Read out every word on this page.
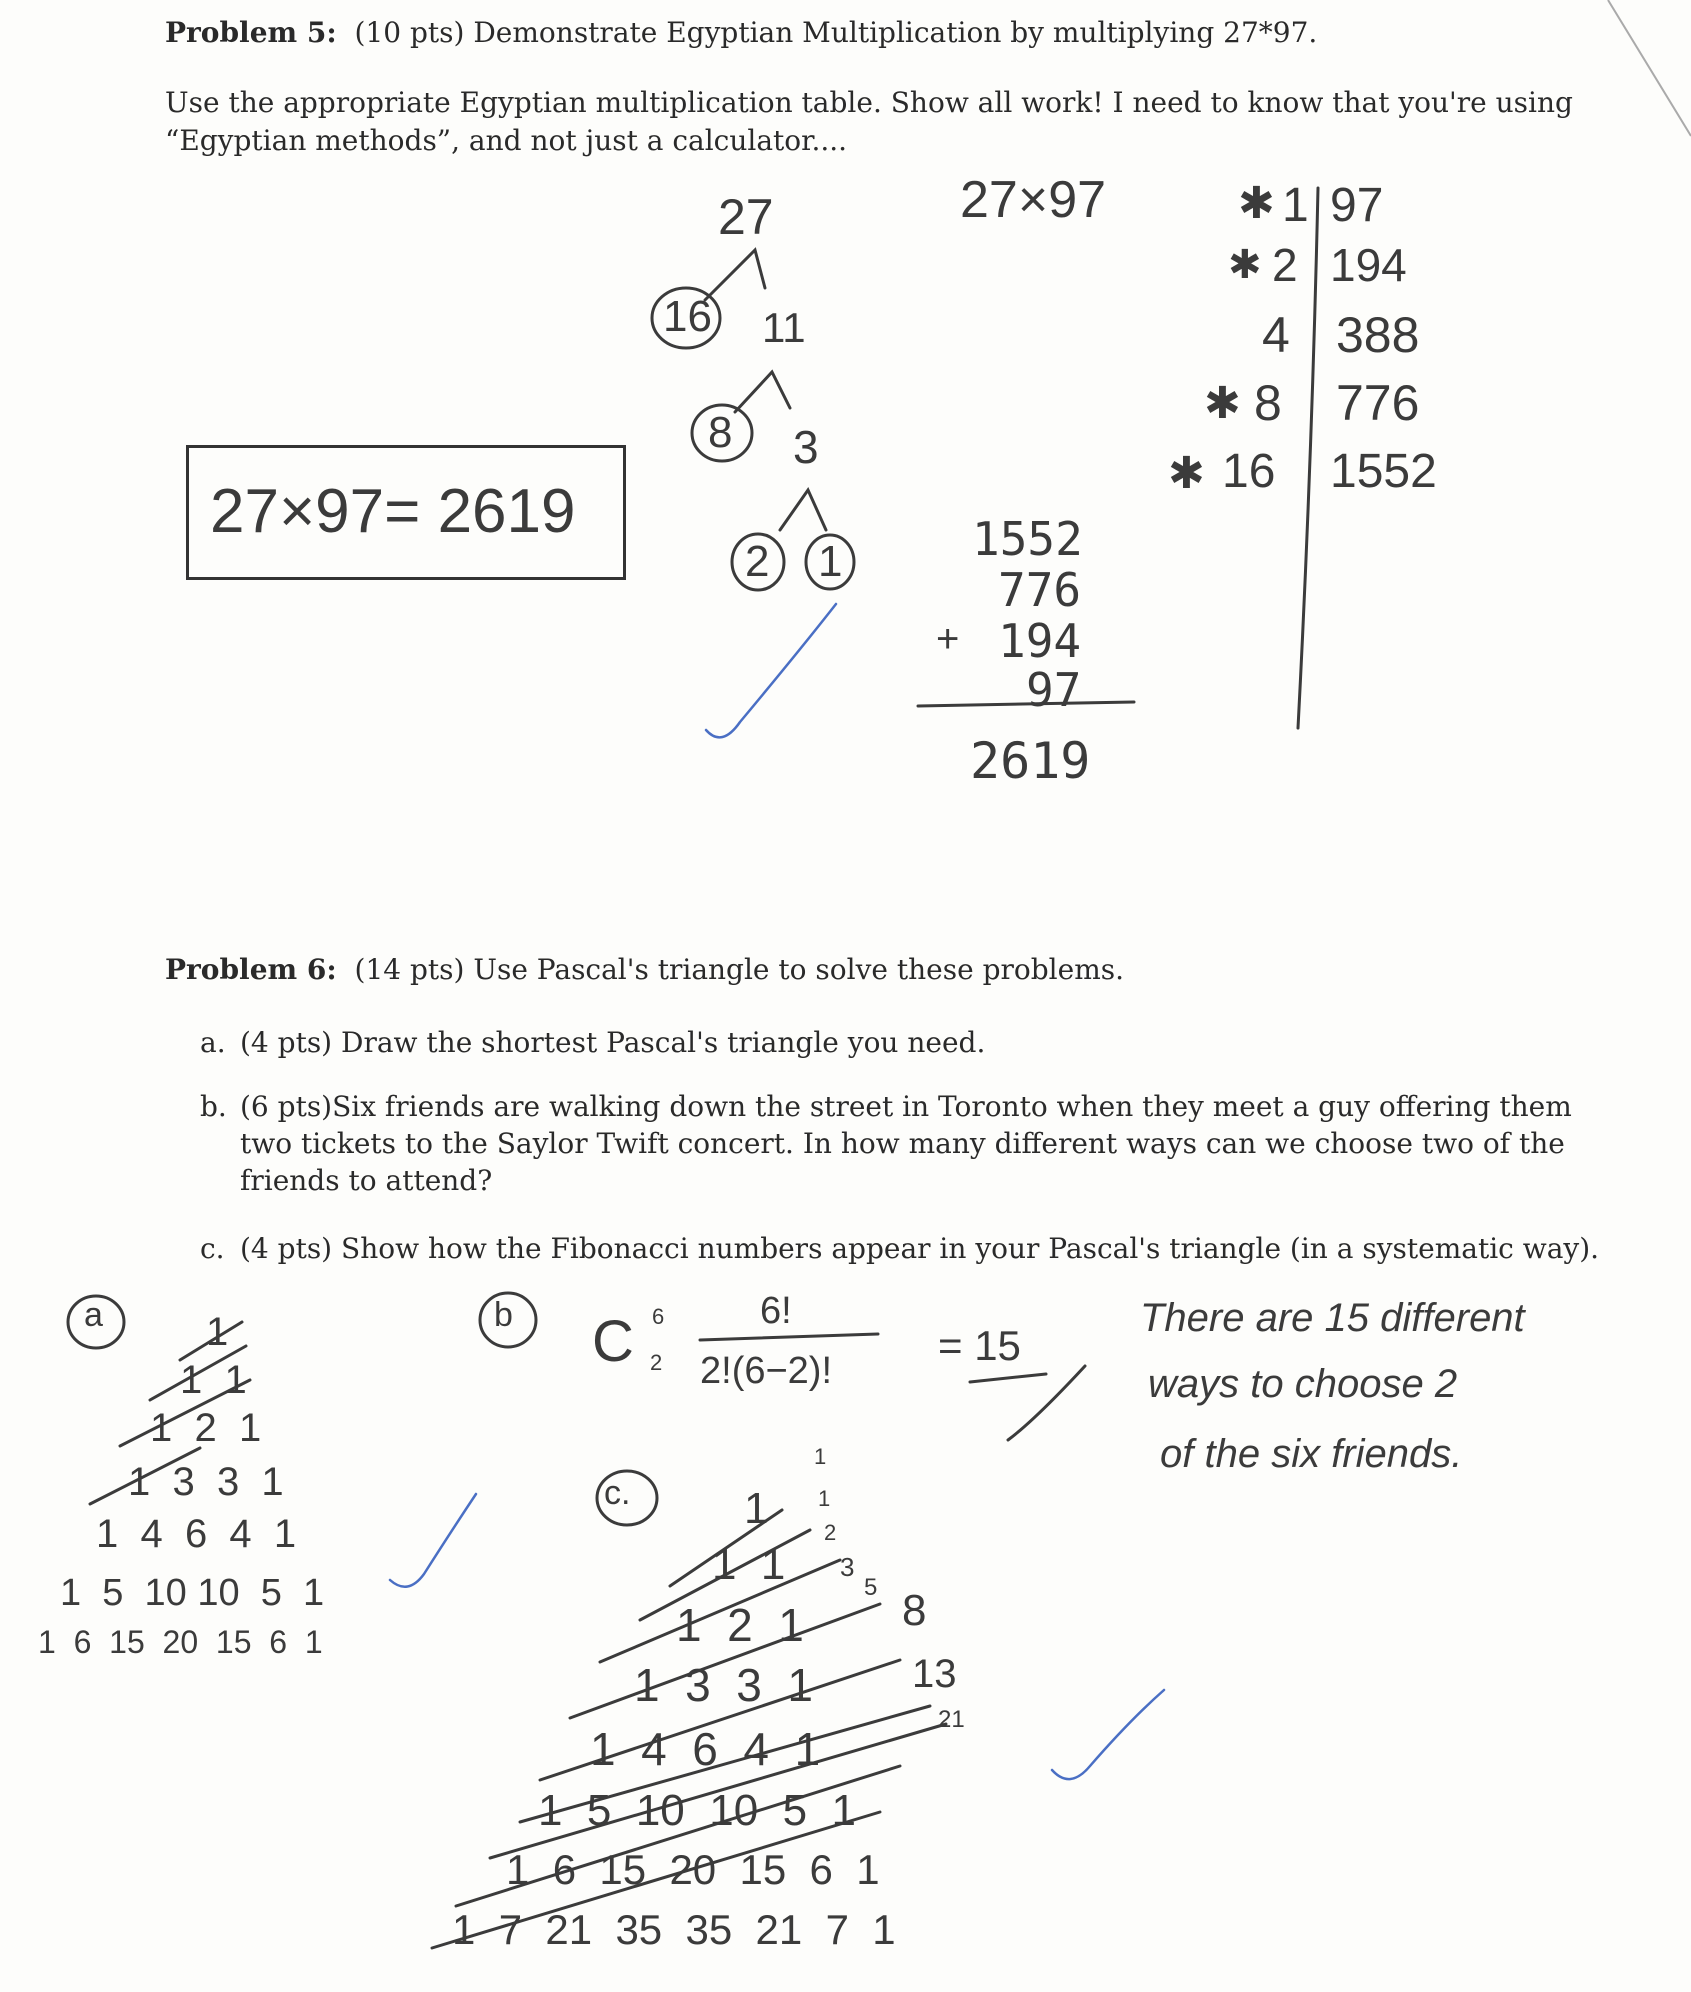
Problem 5: (10 pts) Demonstrate Egyptian Multiplication by multiplying 27*97.
Use the appropriate Egyptian multiplication table. Show all work! I need to know that you're using “Egyptian methods”, and not just a calculator....
27×97= 2619
27
16 11
8 3
2 1
27×97	✱ 1 97
✱ 2 194
4 388
✱ 8 776
✱ 16 1552
1552
776
+ 194
97
2619
Problem 6: (14 pts) Use Pascal's triangle to solve these problems.
a. (4 pts) Draw the shortest Pascal's triangle you need.
b. (6 pts)Six friends are walking down the street in Toronto when they meet a guy offering them two tickets to the Saylor Twift concert. In how many different ways can we choose two of the friends to attend?
c. (4 pts) Show how the Fibonacci numbers appear in your Pascal's triangle (in a systematic way).
a	1
1  1
1  2  1
1  3  3  1
1  4  6  4  1
1  5  10 10  5  1
1  6  15  20  15  6  1
b C 6
2
6!
2!(6−2)!
= 15
There are 15 different
ways to choose 2
of the six friends.
c.	1
1  1
1  2  1
1  3  3  1
1  4  6  4  1
1  5  10  10  5  1
1  6  15  20  15  6  1
1  7  21  35  35  21  7  1
1
1
2
3
5 8
13
21
